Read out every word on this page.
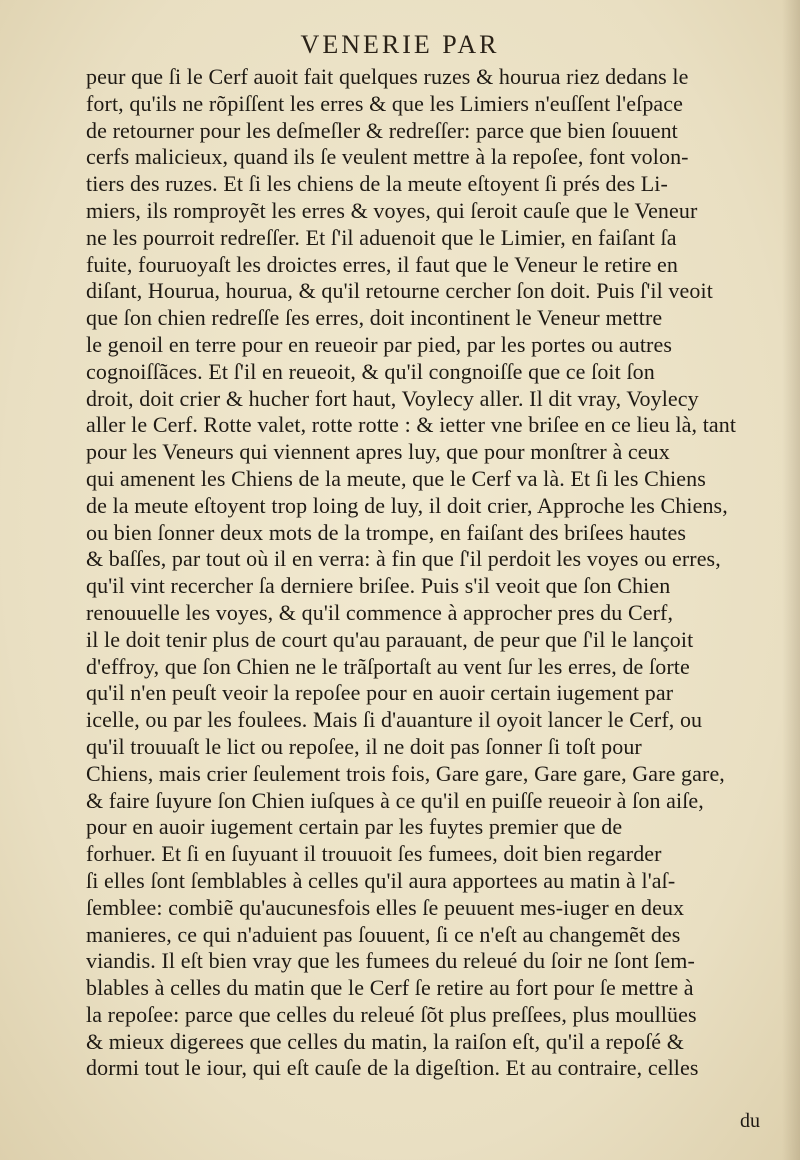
VENERIE PAR
peur que ſi le Cerf auoit fait quelques ruzes & hourua riez dedans le
fort, qu'ils ne rõpiſſent les erres & que les Limiers n'euſſent l'eſpace
de retourner pour les deſmeſler & redreſſer: parce que bien ſouuent
cerfs malicieux, quand ils ſe veulent mettre à la repoſee, font volon-
tiers des ruzes. Et ſi les chiens de la meute eſtoyent ſi prés des Li-
miers, ils romproyẽt les erres & voyes, qui ſeroit cauſe que le Veneur
ne les pourroit redreſſer. Et ſ'il aduenoit que le Limier, en faiſant ſa
fuite, fouruoyaſt les droictes erres, il faut que le Veneur le retire en
diſant, Hourua, hourua, & qu'il retourne cercher ſon doit. Puis ſ'il veoit
que ſon chien redreſſe ſes erres, doit incontinent le Veneur mettre
le genoil en terre pour en reueoir par pied, par les portes ou autres
cognoiſſãces. Et ſ'il en reueoit, & qu'il congnoiſſe que ce ſoit ſon
droit, doit crier & hucher fort haut, Voylecy aller. Il dit vray, Voylecy
aller le Cerf. Rotte valet, rotte rotte : & ietter vne briſee en ce lieu là, tant
pour les Veneurs qui viennent apres luy, que pour monſtrer à ceux
qui amenent les Chiens de la meute, que le Cerf va là. Et ſi les Chiens
de la meute eſtoyent trop loing de luy, il doit crier, Approche les Chiens,
ou bien ſonner deux mots de la trompe, en faiſant des briſees hautes
& baſſes, par tout où il en verra: à fin que ſ'il perdoit les voyes ou erres,
qu'il vint recercher ſa derniere briſee. Puis s'il veoit que ſon Chien
renouuelle les voyes, & qu'il commence à approcher pres du Cerf,
il le doit tenir plus de court qu'au parauant, de peur que ſ'il le lançoit
d'effroy, que ſon Chien ne le trãſportaſt au vent ſur les erres, de ſorte
qu'il n'en peuſt veoir la repoſee pour en auoir certain iugement par
icelle, ou par les foulees. Mais ſi d'auanture il oyoit lancer le Cerf, ou
qu'il trouuaſt le lict ou repoſee, il ne doit pas ſonner ſi toſt pour
Chiens, mais crier ſeulement trois fois, Gare gare, Gare gare, Gare gare,
& faire ſuyure ſon Chien iuſques à ce qu'il en puiſſe reueoir à ſon aiſe,
pour en auoir iugement certain par les fuytes premier que de
forhuer. Et ſi en ſuyuant il trouuoit ſes fumees, doit bien regarder
ſi elles ſont ſemblables à celles qu'il aura apportees au matin à l'aſ-
ſemblee: combiẽ qu'aucunesfois elles ſe peuuent mes-iuger en deux
manieres, ce qui n'aduient pas ſouuent, ſi ce n'eſt au changemẽt des
viandis. Il eſt bien vray que les fumees du releué du ſoir ne ſont ſem-
blables à celles du matin que le Cerf ſe retire au fort pour ſe mettre à
la repoſee: parce que celles du releué ſõt plus preſſees, plus moullües
& mieux digerees que celles du matin, la raiſon eſt, qu'il a repoſé &
dormi tout le iour, qui eſt cauſe de la digeſtion. Et au contraire, celles
du
